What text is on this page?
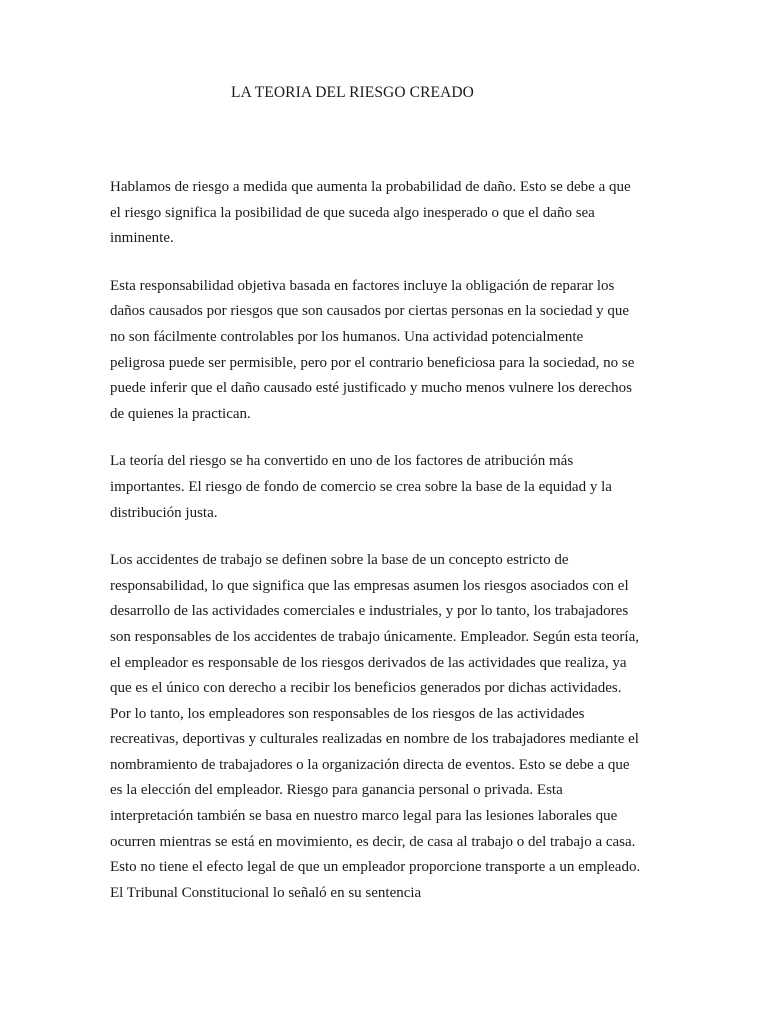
LA TEORIA DEL RIESGO CREADO

Hablamos de riesgo a medida que aumenta la probabilidad de daño. Esto se debe a que
el riesgo significa la posibilidad de que suceda algo inesperado o que el daño sea
inminente.

Esta responsabilidad objetiva basada en factores incluye la obligación de reparar los
daños causados por riesgos que son causados por ciertas personas en la sociedad y que
no son fácilmente controlables por los humanos. Una actividad potencialmente
peligrosa puede ser permisible, pero por el contrario beneficiosa para la sociedad, no se
puede inferir que el daño causado esté justificado y mucho menos vulnere los derechos
de quienes la practican.

La teoría del riesgo se ha convertido en uno de los factores de atribución más
importantes. El riesgo de fondo de comercio se crea sobre la base de la equidad y la
distribución justa.

Los accidentes de trabajo se definen sobre la base de un concepto estricto de
responsabilidad, lo que significa que las empresas asumen los riesgos asociados con el
desarrollo de las actividades comerciales e industriales, y por lo tanto, los trabajadores
son responsables de los accidentes de trabajo únicamente. Empleador. Según esta teoría,
el empleador es responsable de los riesgos derivados de las actividades que realiza, ya
que es el único con derecho a recibir los beneficios generados por dichas actividades.
Por lo tanto, los empleadores son responsables de los riesgos de las actividades
recreativas, deportivas y culturales realizadas en nombre de los trabajadores mediante el
nombramiento de trabajadores o la organización directa de eventos. Esto se debe a que
es la elección del empleador. Riesgo para ganancia personal o privada. Esta
interpretación también se basa en nuestro marco legal para las lesiones laborales que
ocurren mientras se está en movimiento, es decir, de casa al trabajo o del trabajo a casa.
Esto no tiene el efecto legal de que un empleador proporcione transporte a un empleado.
El Tribunal Constitucional lo señaló en su sentencia
